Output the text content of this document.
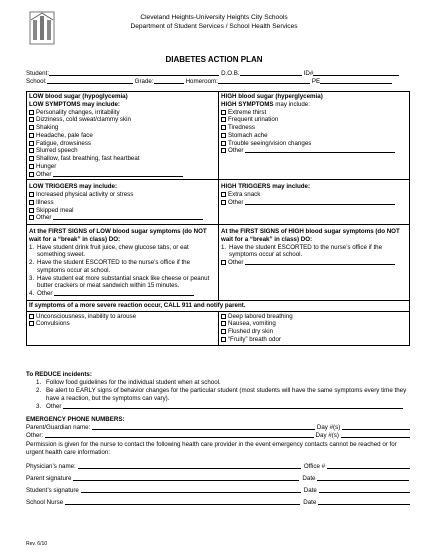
Cleveland Heights-University Heights City Schools
Department of Student Services / School Health Services
DIABETES ACTION PLAN
Student:	D.O.B.	ID#
School:	Grade:	Homeroom:	PE
LOW blood sugar (hypoglycemia)
LOW SYMPTOMS may include:
Personality changes, irritability
Dizziness, cold sweat/clammy skin
Shaking
Headache, pale face
Fatigue, drowsiness
Slurred speech
Shallow, fast breathing, fast heartbeat
Hunger
Other
HIGH blood sugar (hyperglycemia)
HIGH SYMPTOMS may include:
Extreme thirst
Frequent urination
Tiredness
Stomach ache
Trouble seeing/vision changes
Other
LOW TRIGGERS may include:
Increased physical activity or stress
Illness
Skipped meal
Other
HIGH TRIGGERS may include:
Extra snack
Other
At the FIRST SIGNS of LOW blood sugar symptoms (do NOT wait for a “break” in class) DO:
1. Have student drink fruit juice, chew glucose tabs, or eat something sweet.
2. Have the student ESCORTED to the nurse’s office if the symptoms occur at school.
3. Have student eat more substantial snack like cheese or peanut butter crackers or meat sandwich within 15 minutes.
4. Other
At the FIRST SIGNS of HIGH blood sugar symptoms (do NOT wait for a “break” in class) DO:
1. Have the student ESCORTED to the nurse’s office if the symptoms occur at school.
Other
If symptoms of a more severe reaction occur, CALL 911 and notify parent.
Unconsciousness, inability to arouse
Convulsions
Deep labored breathing
Nausea, vomiting
Flushed dry skin
“Fruity” breath odor
To REDUCE incidents:
1. Follow food guidelines for the individual student when at school.
2. Be alert to EARLY signs of behavior changes for the particular student (most students will have the same symptoms every time they have a reaction, but the symptoms can vary).
3. Other
EMERGENCY PHONE NUMBERS:
Parent/Guardian name:	Day #(s)
Other:	Day #(s)
Permission is given for the nurse to contact the following health care provider in the event emergency contacts cannot be reached or for urgent health care information:
Physician’s name:	Office #
Parent signature	Date
Student’s signature	Date
School Nurse	Date
Rev. 6/10
